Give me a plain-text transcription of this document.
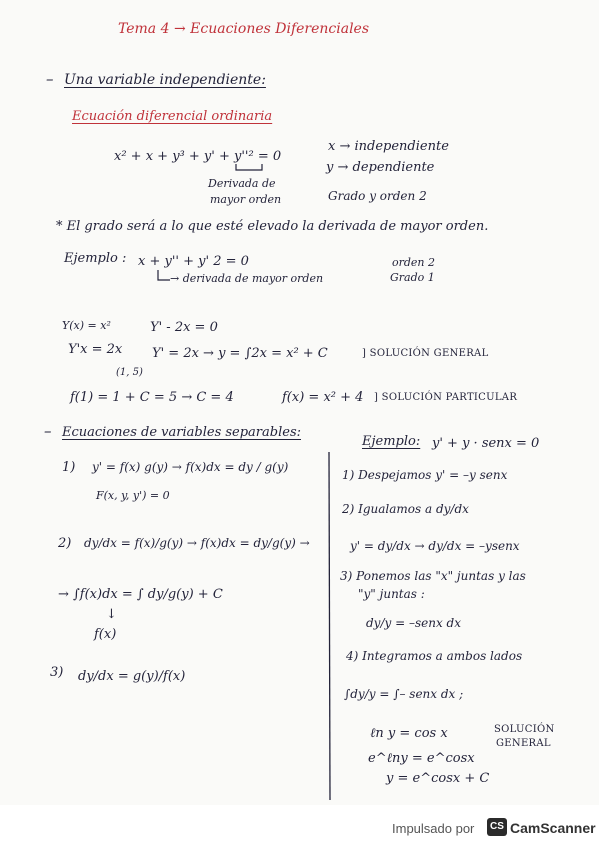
Tema 4 → Ecuaciones Diferenciales
– Una variable independiente:
Ecuación diferencial ordinaria
x² + x + y³ + y' + y''² = 0
Derivada de
mayor orden
x → independiente
y → dependiente
Grado y orden 2
* El grado será a lo que esté elevado la derivada de mayor orden.
Ejemplo : x + y'' + y' 2 = 0
→ derivada de mayor orden
orden 2
Grado 1
Y(x) = x²	Y' - 2x = 0
Y'x = 2x Y' = 2x → y = ∫2x = x² + C	] SOLUCIÓN GENERAL
(1, 5)
f(1) = 1 + C = 5 → C = 4	f(x) = x² + 4 ] SOLUCIÓN PARTICULAR
– Ecuaciones de variables separables:
1) y' = f(x) g(y) → f(x)dx = dy / g(y)
F(x, y, y') = 0
2) dy/dx = f(x)/g(y) → f(x)dx = dy/g(y) →
→ ∫f(x)dx = ∫ dy/g(y) + C
↓
f(x)
3) dy/dx = g(y)/f(x)
Ejemplo: y' + y · senx = 0
1) Despejamos y' = –y senx
2) Igualamos a dy/dx
y' = dy/dx → dy/dx = –ysenx
3) Ponemos las "x" juntas y las
"y" juntas :
dy/y = –senx dx
4) Integramos a ambos lados
∫dy/y = ∫– senx dx ;
ℓn y = cos x
e^ℓny = e^cosx
y = e^cosx + C
SOLUCIÓN
GENERAL
Impulsado por	CS CamScanner
